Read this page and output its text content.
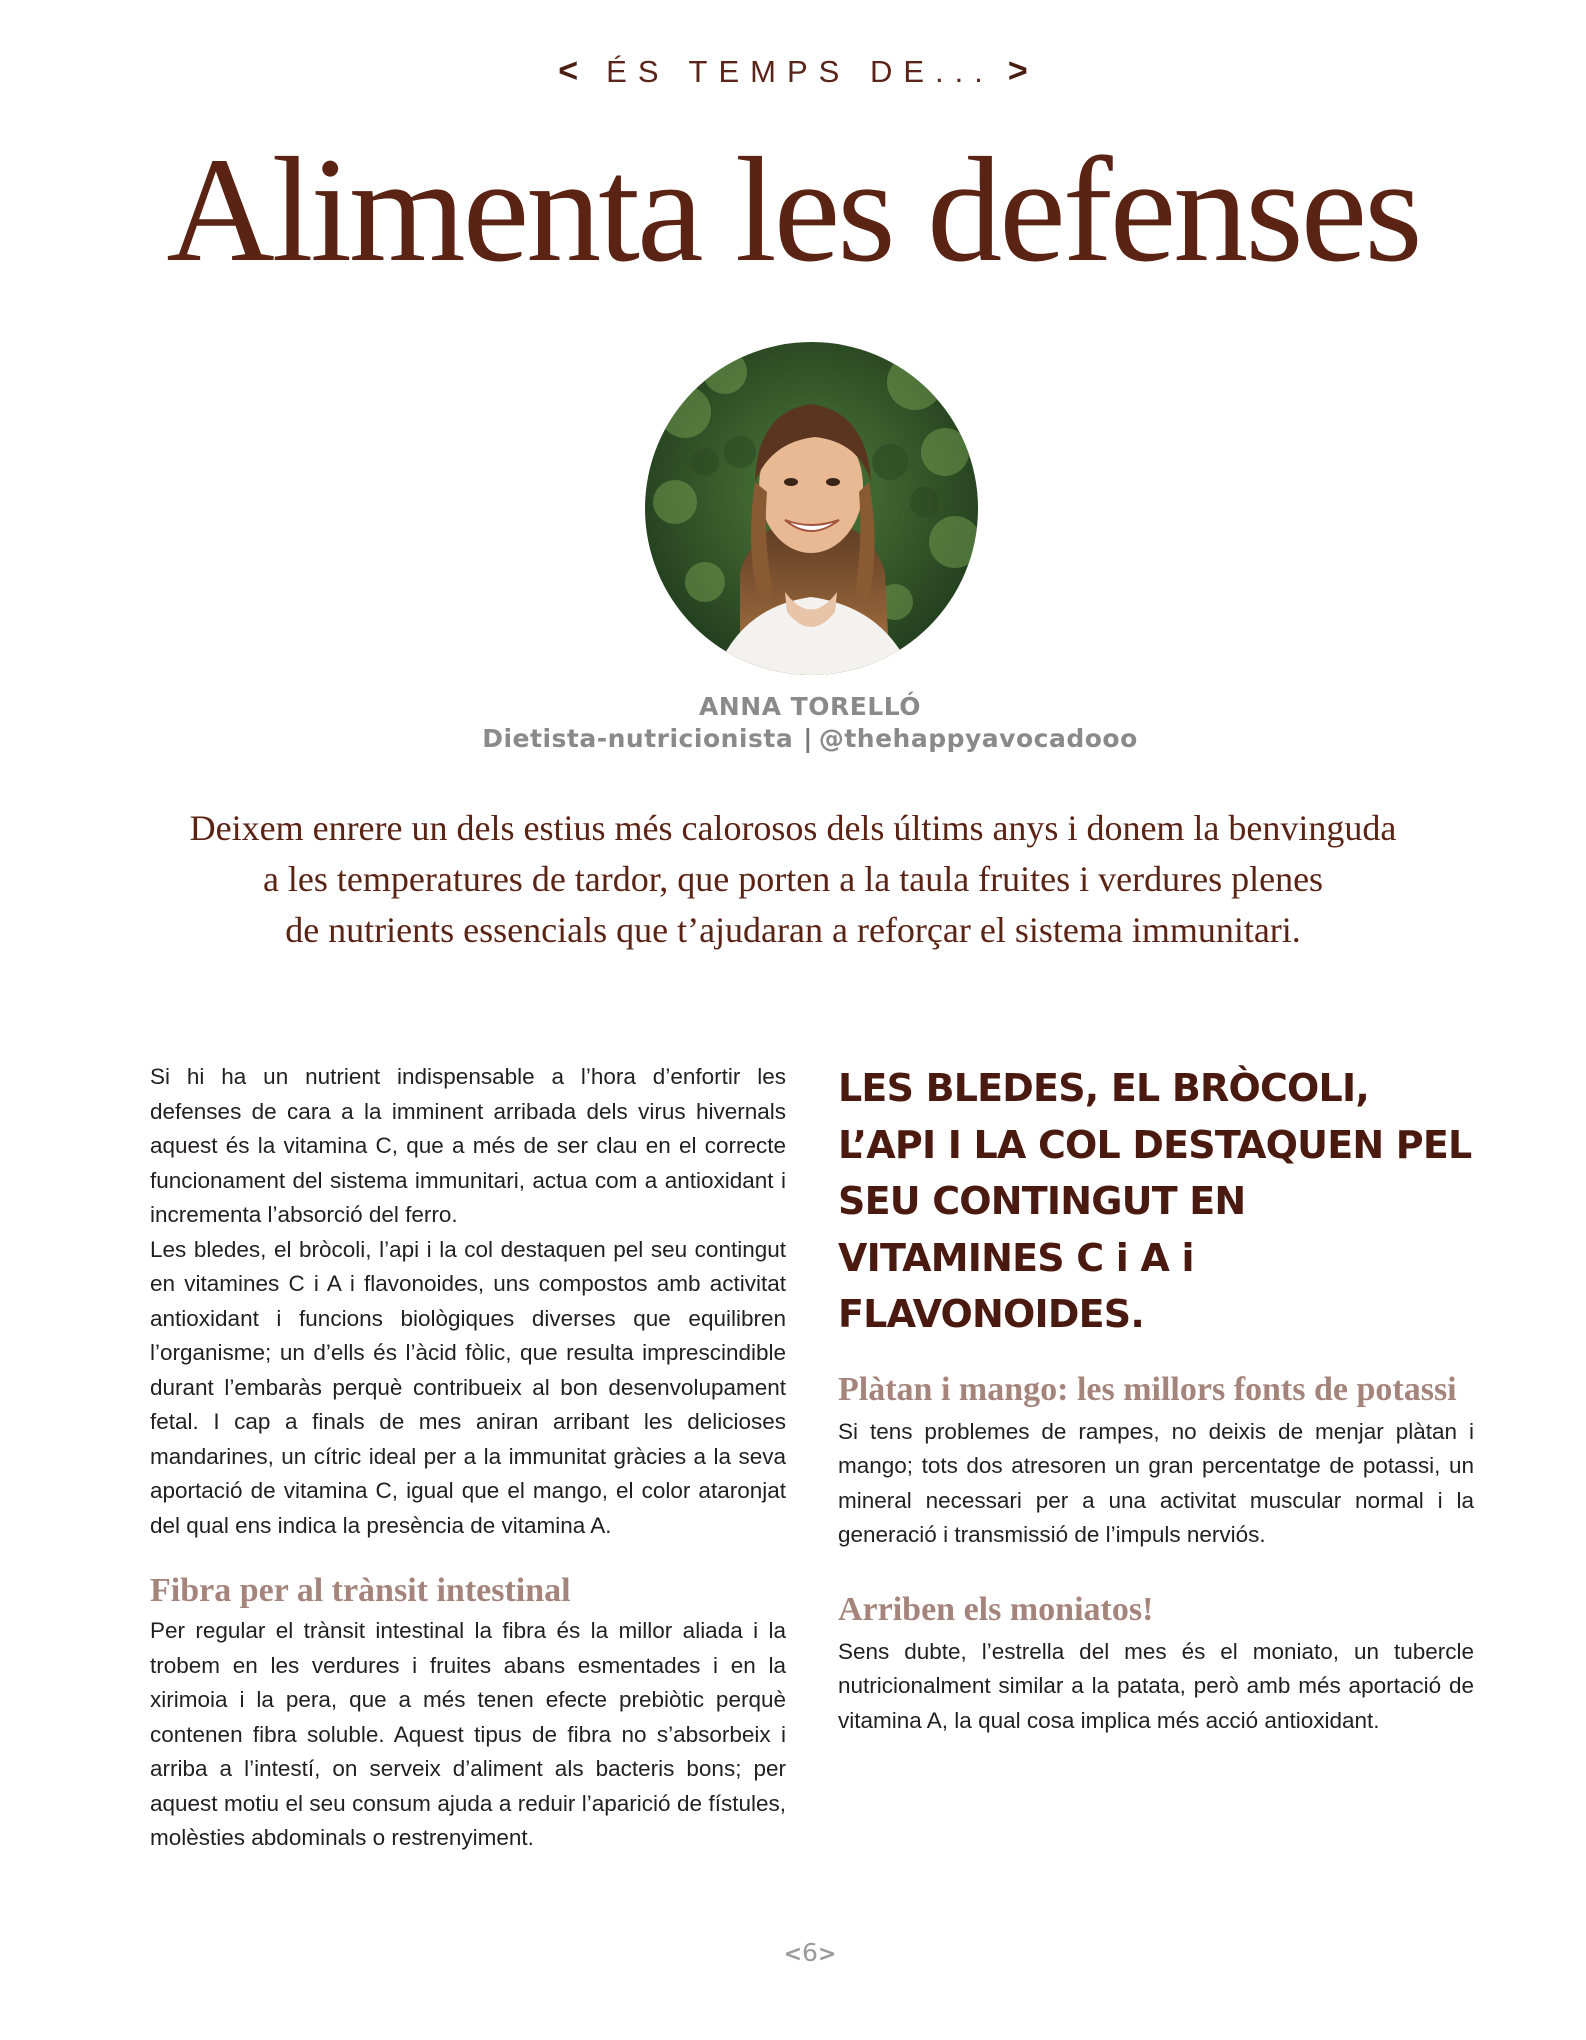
< ÉS TEMPS DE... >
Alimenta les defenses
ANNA TORELLÓ
Dietista-nutricionista | @thehappyavocadooo
Deixem enrere un dels estius més calorosos dels últims anys i donem la benvinguda
a les temperatures de tardor, que porten a la taula fruites i verdures plenes
de nutrients essencials que t’ajudaran a reforçar el sistema immunitari.

Si hi ha un nutrient indispensable a l’hora d’enfortir les defenses de cara a la imminent arribada dels virus hivernals aquest és la vitamina C, que a més de ser clau en el correcte funcionament del sistema immunitari, actua com a antioxidant i incrementa l’absorció del ferro.

Les bledes, el bròcoli, l’api i la col destaquen pel seu contingut en vitamines C i A i flavonoides, uns compostos amb activitat antioxidant i funcions biològiques diverses que equilibren l’organisme; un d’ells és l’àcid fòlic, que resulta imprescindible durant l’embaràs perquè contribueix al bon desenvolupament fetal. I cap a finals de mes aniran arribant les delicioses mandarines, un cítric ideal per a la immunitat gràcies a la seva aportació de vitamina C, igual que el mango, el color ataronjat del qual ens indica la presència de vitamina A.

Fibra per al trànsit intestinal

Per regular el trànsit intestinal la fibra és la millor aliada i la trobem en les verdures i fruites abans esmentades i en la xirimoia i la pera, que a més tenen efecte prebiòtic perquè contenen fibra soluble. Aquest tipus de fibra no s’absorbeix i arriba a l’intestí, on serveix d’aliment als bacteris bons; per aquest motiu el seu consum ajuda a reduir l’aparició de fístules, molèsties abdominals o restrenyiment.

LES BLEDES, EL BRÒCOLI, L’API I LA COL DESTAQUEN PEL SEU CONTINGUT EN VITAMINES C i A i FLAVONOIDES.

Plàtan i mango: les millors fonts de potassi

Si tens problemes de rampes, no deixis de menjar plàtan i mango; tots dos atresoren un gran percentatge de potassi, un mineral necessari per a una activitat muscular normal i la generació i transmissió de l’impuls nerviós.

Arriben els moniatos!

Sens dubte, l’estrella del mes és el moniato, un tubercle nutricionalment similar a la patata, però amb més aportació de vitamina A, la qual cosa implica més acció antioxidant.

<6>
